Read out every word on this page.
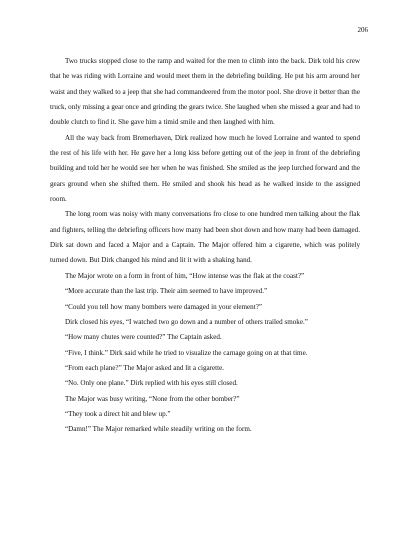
206

Two trucks stopped close to the ramp and waited for the men to climb into the back. Dirk told his crew that he was riding with Lorraine and would meet them in the debriefing building. He put his arm around her waist and they walked to a jeep that she had commandeered from the motor pool. She drove it better than the truck, only missing a gear once and grinding the gears twice. She laughed when she missed a gear and had to double clutch to find it. She gave him a timid smile and then laughed with him.

All the way back from Bremerhaven, Dirk realized how much he loved Lorraine and wanted to spend the rest of his life with her. He gave her a long kiss before getting out of the jeep in front of the debriefing building and told her he would see her when he was finished. She smiled as the jeep lurched forward and the gears ground when she shifted them. He smiled and shook his head as he walked inside to the assigned room.

The long room was noisy with many conversations fro close to one hundred men talking about the flak and fighters, telling the debriefing officers how many had been shot down and how many had been damaged. Dirk sat down and faced a Major and a Captain. The Major offered him a cigarette, which was politely turned down. But Dirk changed his mind and lit it with a shaking hand.

The Major wrote on a form in front of him, “How intense was the flak at the coast?”

“More accurate than the last trip. Their aim seemed to have improved.”

“Could you tell how many bombers were damaged in your element?”

Dirk closed his eyes, “I watched two go down and a number of others trailed smoke.”

“How many chutes were counted?” The Captain asked.

“Five, I think.” Dirk said while he tried to visualize the carnage going on at that time.

“From each plane?” The Major asked and lit a cigarette.

“No. Only one plane.” Dirk replied with his eyes still closed.

The Major was busy writing, “None from the other bomber?”

“They took a direct hit and blew up.”

“Damn!” The Major remarked while steadily writing on the form.
